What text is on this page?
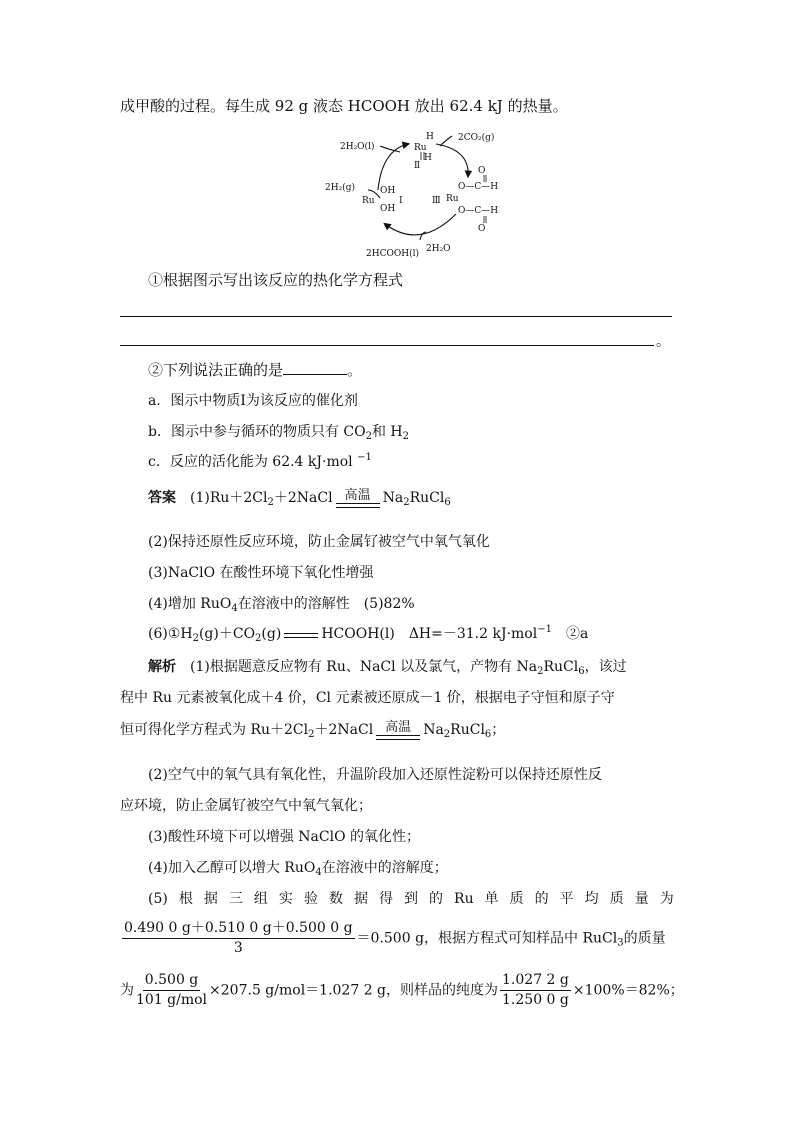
成甲酸的过程。每生成 92 g 液态 HCOOH 放出 62.4 kJ 的热量。
2H₂O(l)	Ru
H
H
Ⅱ
2CO₂(g)
2H₂(g)
Ru
OH
OH
Ⅰ	Ⅲ Ru
O
O—C—H
O—C—H
O
2HCOOH(l) 2H₂O
①根据图示写出该反应的热化学方程式
。
②下列说法正确的是	。
a．图示中物质Ⅰ为该反应的催化剂
b．图示中参与循环的物质只有 $CO_2$和 $H_2$
c．反应的活化能为 62.4 kJ·mol $^{-1}$
答案　 $(1)Ru+2Cl_2+2NaCl$ 高温 $Na_2RuCl_6$
(2)保持还原性反应环境，防止金属钌被空气中氧气氧化
(3)NaClO 在酸性环境下氧化性增强
(4)增加 RuO$_4$在溶液中的溶解性　(5)82%
$(6)①H_2(g)+CO_2(g)$	HCOOH(l)　 ΔH=－31.2 kJ·mol$^{-1}$　 ②a
解析　 (1)根据题意反应物有 Ru、NaCl 以及氯气，产物有 $Na_2RuCl_6$，该过
程中 Ru 元素被氧化成＋4 价，Cl 元素被还原成－1 价，根据电子守恒和原子守
恒可得化学方程式为 $Ru+2Cl_2+2NaCl$ 高温 $Na_2RuCl_6$；
(2)空气中的氧气具有氧化性，升温阶段加入还原性淀粉可以保持还原性反
应环境，防止金属钌被空气中氧气氧化；
(3)酸性环境下可以增强 NaClO 的氧化性；
(4)加入乙醇可以增大 RuO$_4$在溶液中的溶解度；
(5) 根 据 三 组 实 验 数 据 得 到 的 Ru 单 质 的 平 均 质 量 为
$\frac{0.490 0 g+0.510 0 g+0.500 0 g}{3} =0.500$ g，根据方程式可知样品中 RuCl$_3$的质量
为 $\frac{0.500 g}{\text{101 g/mol}} \times 207.5$ g/mol＝1.027 2 g，则样品的纯度为 $\frac{1.027 2 g}{1.250 0 g} \times 100\%=82\%$；
